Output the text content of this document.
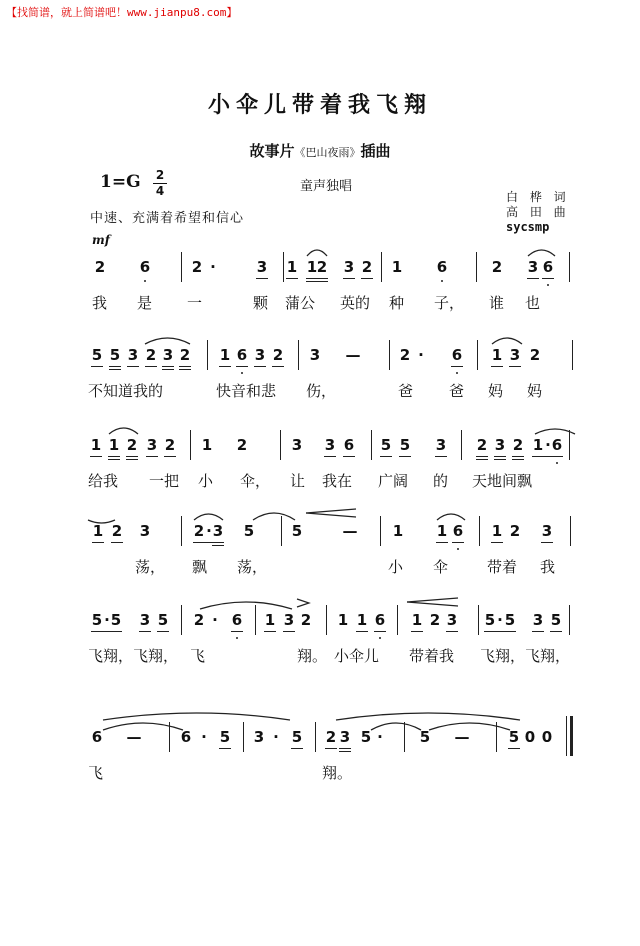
【找简谱，就上简谱吧！www.jianpu8.com】
小伞儿带着我飞翔
故事片《巴山夜雨》插曲
1=G 2
4	童声独唱
白 桦 词
高 田 曲
sycsmp
中速、充满着希望和信心
mf
2 6	2 ·	3 1 1 2 3 2 1 6	2 3 6
我 是 一	颗 蒲公 英的 种 子， 谁 也
5 5 3 2 3 2 1 6 3 2 3 —	2 · 6 1 3 2
不知道我的	快音和悲 伤，	爸 爸 妈 妈
1 1 2 3 2 1 2	3 3 6 5 5 3 2 3 2 1 · 6
给我 一把 小 伞， 让 我在 广阔 的 天地间飘
1 2 3	2 · 3 5	5	— 1 1 6 1 2 3
荡， 飘 荡，	小 伞	带着 我
5 · 5 3 5 2 · 6 1 3 2 1 1 6 1 2 3 5 · 5 3 5
飞翔，飞翔， 飞	翔。 小伞儿 带着我 飞翔，飞翔，
6 —	6 · 5 3 · 5 2 3 5 · 5 —	5 0 0
飞	翔。
